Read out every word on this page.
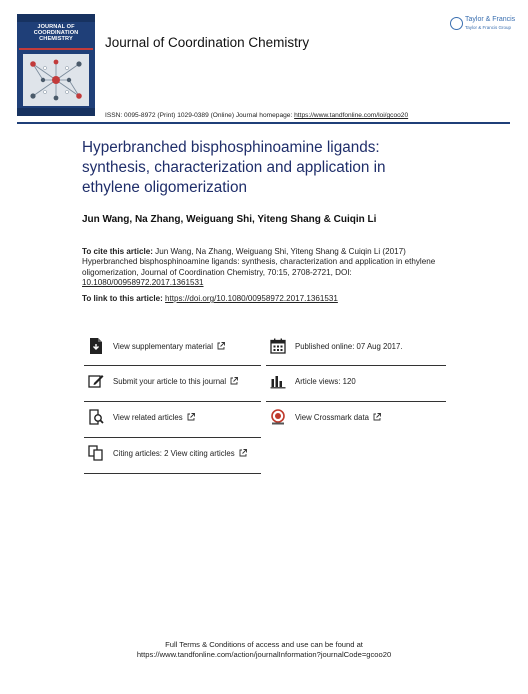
JOURNAL OF
COORDINATION
CHEMISTRY	Journal of Coordination Chemistry
Taylor & Francis
Taylor & Francis Group
ISSN: 0095-8972 (Print) 1029-0389 (Online) Journal homepage: https://www.tandfonline.com/loi/gcoo20
Hyperbranched bisphosphinoamine ligands: synthesis, characterization and application in ethylene oligomerization
Jun Wang, Na Zhang, Weiguang Shi, Yiteng Shang & Cuiqin Li
To cite this article: Jun Wang, Na Zhang, Weiguang Shi, Yiteng Shang & Cuiqin Li (2017) Hyperbranched bisphosphinoamine ligands: synthesis, characterization and application in ethylene oligomerization, Journal of Coordination Chemistry, 70:15, 2708-2721, DOI:
10.1080/00958972.2017.1361531
To link to this article: https://doi.org/10.1080/00958972.2017.1361531
View supplementary material	Published online: 07 Aug 2017.
Submit your article to this journal	Article views: 120
View related articles	View Crossmark data
Citing articles: 2 View citing articles
Full Terms & Conditions of access and use can be found at
https://www.tandfonline.com/action/journalInformation?journalCode=gcoo20
